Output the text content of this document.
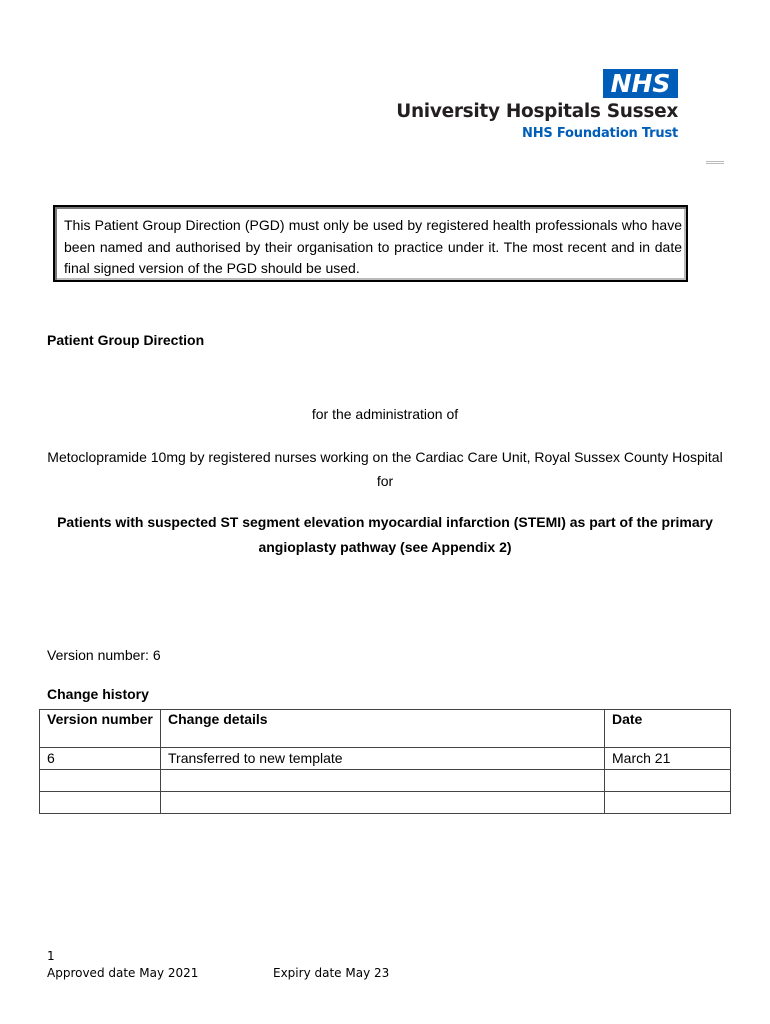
NHS
University Hospitals Sussex
NHS Foundation Trust
This Patient Group Direction (PGD) must only be used by registered health professionals who have been named and authorised by their organisation to practice under it. The most recent and in date final signed version of the PGD should be used.
Patient Group Direction
for the administration of
Metoclopramide 10mg by registered nurses working on the Cardiac Care Unit, Royal Sussex County Hospital for
Patients with suspected ST segment elevation myocardial infarction (STEMI) as part of the primary angioplasty pathway (see Appendix 2)
Version number: 6
Change history
Version number	Change details	Date
6	Transferred to new template	March 21

1
Approved date May 2021	Expiry date May 23
